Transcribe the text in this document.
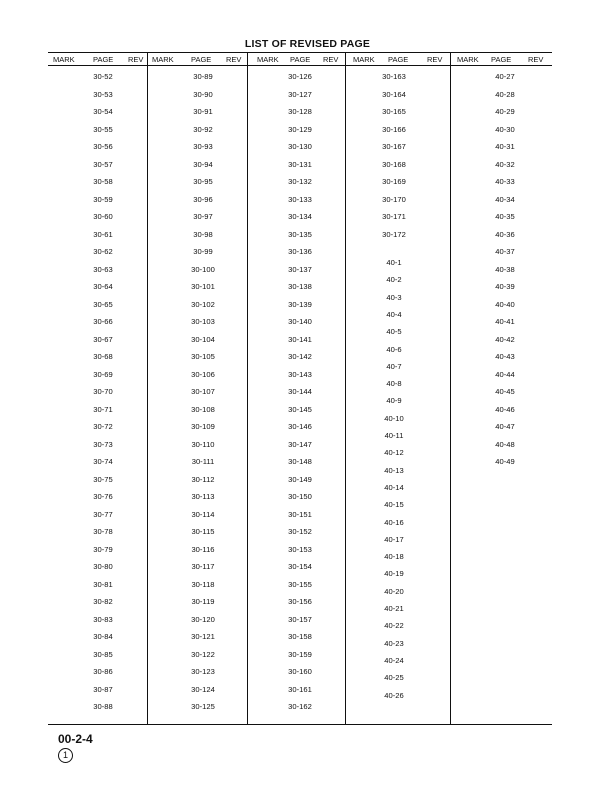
LIST OF REVISED PAGE
MARK PAGE REV MARK PAGE REV MARK PAGE REV MARK PAGE REV MARK PAGE REV
30-52
30-53
30-54
30-55
30-56
30-57
30-58
30-59
30-60
30-61
30-62
30-63
30-64
30-65
30-66
30-67
30-68
30-69
30-70
30-71
30-72
30-73
30-74
30-75
30-76
30-77
30-78
30-79
30-80
30-81
30-82
30-83
30-84
30-85
30-86
30-87
30-88
30-89
30-90
30-91
30-92
30-93
30-94
30-95
30-96
30-97
30-98
30-99
30-100
30-101
30-102
30-103
30-104
30-105
30-106
30-107
30-108
30-109
30-110
30-111
30-112
30-113
30-114
30-115
30-116
30-117
30-118
30-119
30-120
30-121
30-122
30-123
30-124
30-125
30-126
30-127
30-128
30-129
30-130
30-131
30-132
30-133
30-134
30-135
30-136
30-137
30-138
30-139
30-140
30-141
30-142
30-143
30-144
30-145
30-146
30-147
30-148
30-149
30-150
30-151
30-152
30-153
30-154
30-155
30-156
30-157
30-158
30-159
30-160
30-161
30-162
30-163
30-164
30-165
30-166
30-167
30-168
30-169
30-170
30-171
30-172
40-1
40-2
40-3
40-4
40-5
40-6
40-7
40-8
40-9
40-10
40-11
40-12
40-13
40-14
40-15
40-16
40-17
40-18
40-19
40-20
40-21
40-22
40-23
40-24
40-25
40-26
40-27
40-28
40-29
40-30
40-31
40-32
40-33
40-34
40-35
40-36
40-37
40-38
40-39
40-40
40-41
40-42
40-43
40-44
40-45
40-46
40-47
40-48
40-49
00-2-4
1
